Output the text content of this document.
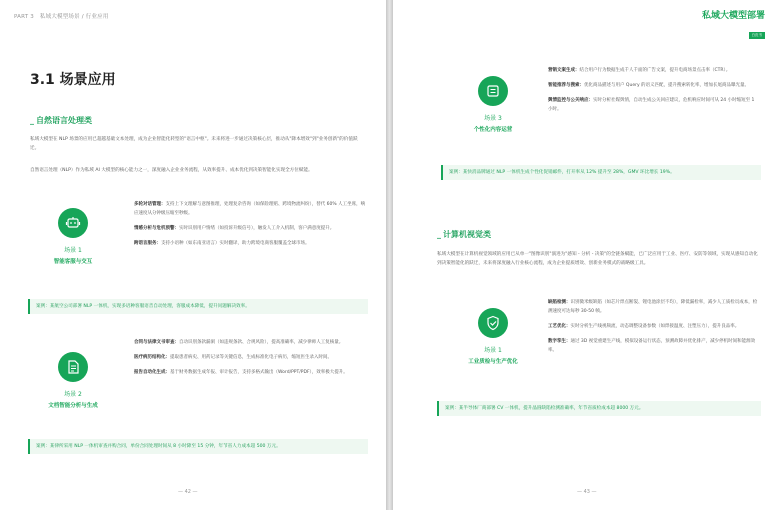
PART 3 私域大模型场景 / 行业应用
3.1 场景应用
_ 自然语言处理类
私域大模型在 NLP 场景的应用已超越基础文本处理，成为企业智能化转型的"语言中枢"。未来将进一步通过决策核心层，推动从"降本增效"到"业务创新"的价值跃迁。
自然语言处理（NLP）作为私域 AI 大模型的核心能力之一，深度融入企业业务流程，从效率提升、成本优化到决策智能化实现全方位赋能。
场景 1
智能客服与交互

多轮对话管理：支持上下文理解与意图推理，处理复杂咨询（如保险理赔、跨境物流纠纷），替代 60% 人工坐席，响应速度从分钟级压缩至秒级。

情感分析与危机预警：实时识别用户情绪（如投诉升级信号），触发人工介入机制，客户满意度提升。

跨语言服务：支持小语种（如东南亚语言）实时翻译，助力跨境电商客服覆盖全球市场。

案例：某航空公司部署 NLP 一体机，实现多语种客服语音自动处理，客服成本降低，提升问题解决效率。
场景 2
文档智能分析与生成

合同与法律文书审查：自动识别条款漏洞（如违规条款、合规风险），提高准确率，减少律师人工复核量。

医疗病历结构化：提取患者病史、用药记录等关键信息，生成标准化电子病历，缩短医生录入时间。

报告自动化生成：基于财务数据生成年报、审计报告，支持多格式输出（Word/PPT/PDF），效率极大提升。

案例：某律所采用 NLP 一体机审查并购合同，单份合同处理时间从 8 小时降至 15 分钟，年节省人力成本超 500 万元。
— 42 —
私域大模型部署
白皮书
场景 3
个性化内容运营

营销文案生成：结合用户行为数据生成千人千面的广告文案，提升电商场景点击率（CTR）。

智能推荐与搜索：优化商品描述与用户 Query 的语义匹配，提升搜索转化率，增加长尾商品曝光量。

舆情监控与公关响应：实时分析社媒舆情，自动生成公关回应建议，危机响应时间可从 24 小时缩短至 1 小时。

案例：某快消品牌通过 NLP 一体机生成个性化促销邮件，打开率从 12% 提升至 28%，GMV 环比增长 19%。
_ 计算机视觉类
私域大模型在计算机视觉领域的应用已从单一"图像识别"演进为"感知 - 分析 - 决策"的全链条赋能，已广泛应用于工业、医疗、安防等领域，实现从感知自动化到决策智能化的跃迁，未来将深度融入行业核心流程，成为企业提质增效、创新业务模式的战略级工具。
场景 1
工业质检与生产优化

缺陷检测：识别微米级缺陷（如芯片焊点断裂、锂电池涂层不均），降低漏检率，减少人工质检员成本，检测速度可达每秒 30-50 帧。

工艺优化：实时分析生产线视频流，动态调整设备参数（如焊接温度、注塑压力），提升良品率。

数字孪生：通过 3D 视觉重建生产线，模拟设备运行状态，预测故障并优化排产，减少停机时间和能源效率。

案例：某半导体厂商部署 CV 一体机，提升晶圆缺陷检测准确率，年节省质检成本超 8000 万元。
— 43 —
